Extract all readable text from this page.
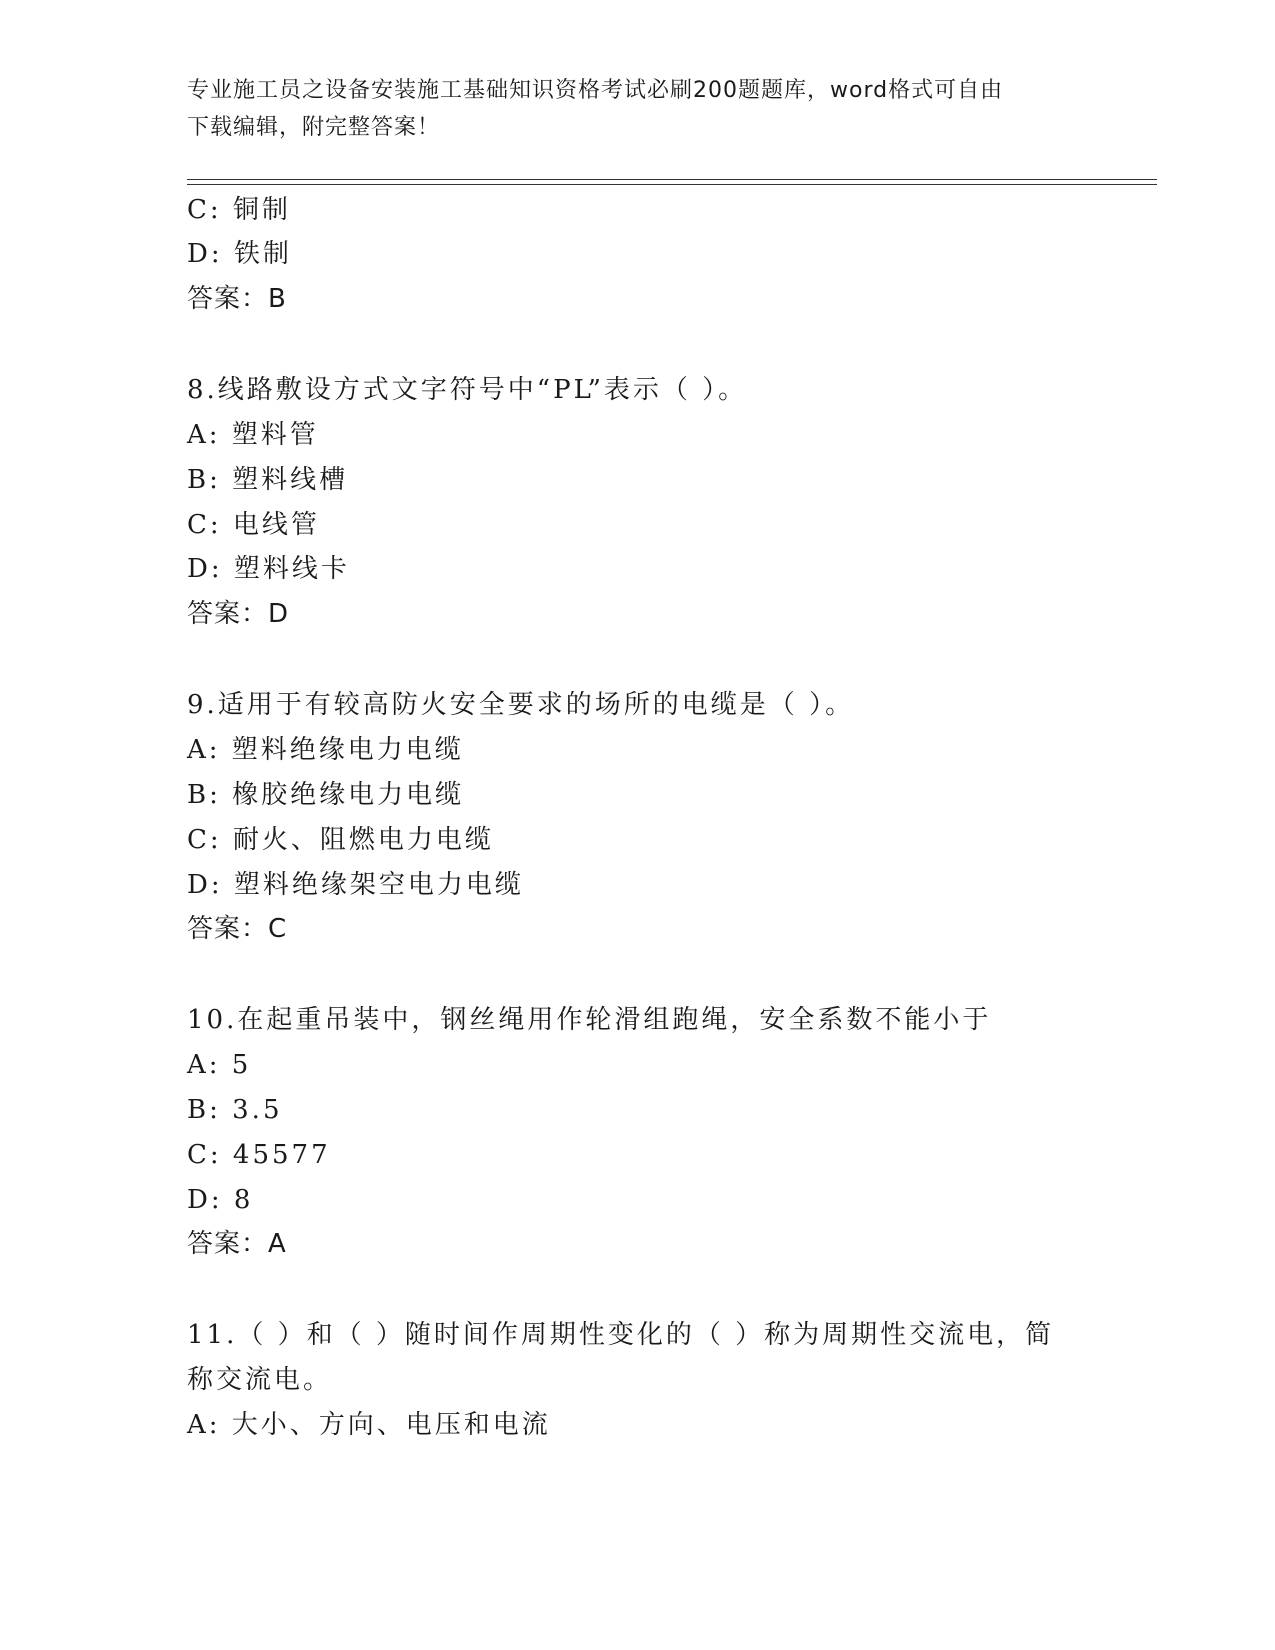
专业施工员之设备安装施工基础知识资格考试必刷200题题库，word格式可自由
下载编辑，附完整答案！
C: 铜制
D: 铁制
答案：B
8.线路敷设方式文字符号中“PL”表示（ ）。
A: 塑料管
B: 塑料线槽
C: 电线管
D: 塑料线卡
答案：D
9.适用于有较高防火安全要求的场所的电缆是（ ）。
A: 塑料绝缘电力电缆
B: 橡胶绝缘电力电缆
C: 耐火、阻燃电力电缆
D: 塑料绝缘架空电力电缆
答案：C
10.在起重吊装中，钢丝绳用作轮滑组跑绳，安全系数不能小于
A: 5
B: 3.5
C: 45577
D: 8
答案：A
11.（ ）和（ ）随时间作周期性变化的（ ）称为周期性交流电，简
称交流电。
A: 大小、方向、电压和电流
